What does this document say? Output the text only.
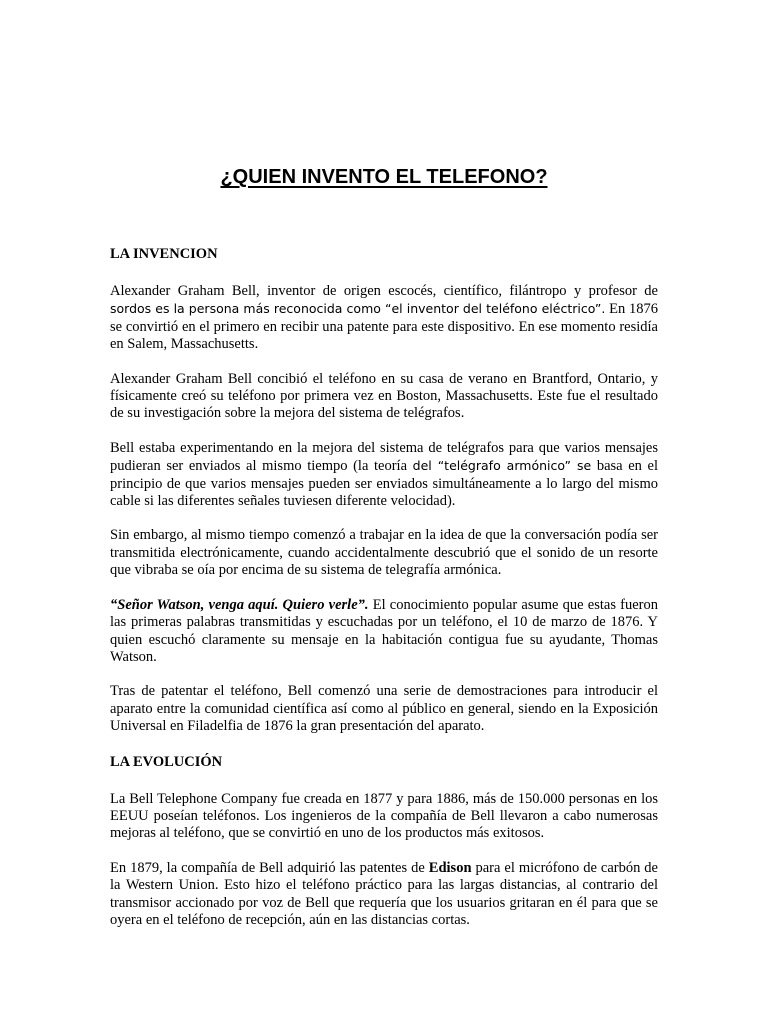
¿QUIEN INVENTO EL TELEFONO?
LA INVENCION

Alexander Graham Bell, inventor de origen escocés, científico, filántropo y profesor de sordos es la persona más reconocida como “el inventor del teléfono eléctrico”. En 1876 se convirtió en el primero en recibir una patente para este dispositivo. En ese momento residía en Salem, Massachusetts.

Alexander Graham Bell concibió el teléfono en su casa de verano en Brantford, Ontario, y físicamente creó su teléfono por primera vez en Boston, Massachusetts. Este fue el resultado de su investigación sobre la mejora del sistema de telégrafos.

Bell estaba experimentando en la mejora del sistema de telégrafos para que varios mensajes pudieran ser enviados al mismo tiempo (la teoría del “telégrafo armónico” se basa en el principio de que varios mensajes pueden ser enviados simultáneamente a lo largo del mismo cable si las diferentes señales tuviesen diferente velocidad).

Sin embargo, al mismo tiempo comenzó a trabajar en la idea de que la conversación podía ser transmitida electrónicamente, cuando accidentalmente descubrió que el sonido de un resorte que vibraba se oía por encima de su sistema de telegrafía armónica.

“Señor Watson, venga aquí. Quiero verle”. El conocimiento popular asume que estas fueron las primeras palabras transmitidas y escuchadas por un teléfono, el 10 de marzo de 1876. Y quien escuchó claramente su mensaje en la habitación contigua fue su ayudante, Thomas Watson.

Tras de patentar el teléfono, Bell comenzó una serie de demostraciones para introducir el aparato entre la comunidad científica así como al público en general, siendo en la Exposición Universal en Filadelfia de 1876 la gran presentación del aparato.

LA EVOLUCIÓN

La Bell Telephone Company fue creada en 1877 y para 1886, más de 150.000 personas en los EEUU poseían teléfonos. Los ingenieros de la compañía de Bell llevaron a cabo numerosas mejoras al teléfono, que se convirtió en uno de los productos más exitosos.

En 1879, la compañía de Bell adquirió las patentes de Edison para el micrófono de carbón de la Western Union. Esto hizo el teléfono práctico para las largas distancias, al contrario del transmisor accionado por voz de Bell que requería que los usuarios gritaran en él para que se oyera en el teléfono de recepción, aún en las distancias cortas.
